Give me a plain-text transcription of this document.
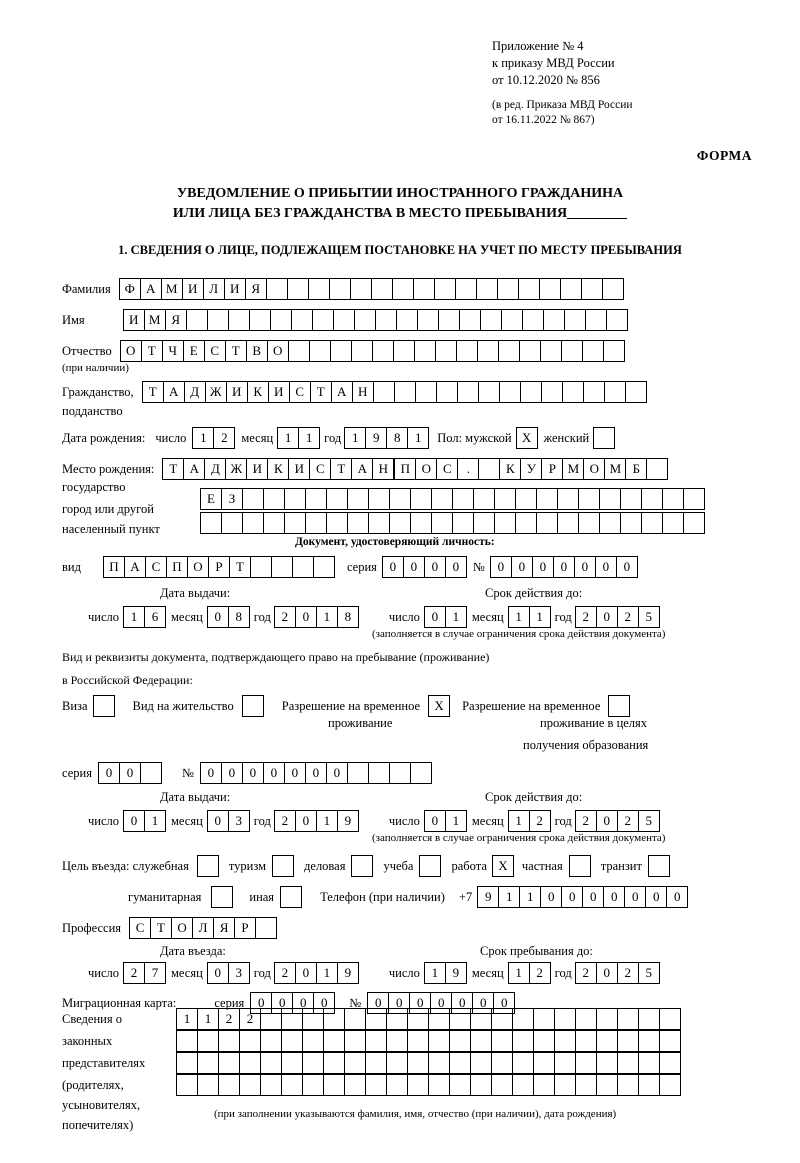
Приложение № 4
к приказу МВД России
от 10.12.2020 № 856
(в ред. Приказа МВД России
от 16.11.2022 № 867)
ФОРМА
УВЕДОМЛЕНИЕ О ПРИБЫТИИ ИНОСТРАННОГО ГРАЖДАНИНА
ИЛИ ЛИЦА БЕЗ ГРАЖДАНСТВА В МЕСТО ПРЕБЫВАНИЯ
1. СВЕДЕНИЯ О ЛИЦЕ, ПОДЛЕЖАЩЕМ ПОСТАНОВКЕ НА УЧЕТ ПО МЕСТУ ПРЕБЫВАНИЯ
Фамилия	Ф А М И Л И Я
Имя	И М Я
Отчество	О Т Ч Е С Т В О
(при наличии)
Гражданство,	Т А Д Ж И К И С Т А Н
подданство
Дата рождения: число	1	2	месяц 1	1 год 1	9	8	1	Пол: мужской X женский
Место рождения:	Т А Д Ж И К И С Т А Н П О С	.	К У Р М О М Б
государство
Е	З
город или другой
населенный пункт
Документ, удостоверяющий личность:
вид	П А С П О Р	Т	серия 0	0	0	0	№ 0	0	0	0	0	0	0
Дата выдачи:	Срок действия до:
число 1	6	месяц 0	8 год 2	0	1	8	число 0	1	месяц 1	1 год 2	0	2	5
(заполняется в случае ограничения срока действия документа)
Вид и реквизиты документа, подтверждающего право на пребывание (проживание)
в Российской Федерации:
Виза	Вид на жительство	Разрешение на временное	X	Разрешение на временное
проживание	проживание в целях
получения образования
серия	0	0	№	0	0	0	0	0	0	0
Дата выдачи:	Срок действия до:
число 0	1	месяц 0	3 год 2	0	1	9	число 0	1	месяц 1	2 год 2	0	2	5
(заполняется в случае ограничения срока действия документа)
Цель въезда: служебная	туризм	деловая	учеба	работа X	частная	транзит
гуманитарная	иная	Телефон (при наличии) +7 9	1	1	0	0	0	0	0	0	0
Профессия	С Т О Л Я	Р
Дата въезда:	Срок пребывания до:
число 2	7	месяц 0	3 год 2	0	1	9	число 1	9	месяц 1	2 год 2	0	2	5
Миграционная карта:	серия	0	0	0	0	№	0	0	0	0	0	0	0
Сведения о
законных
представителях
(родителях,
усыновителях,
попечителях)
1	1	2	2
(при заполнении указываются фамилия, имя, отчество (при наличии), дата рождения)
